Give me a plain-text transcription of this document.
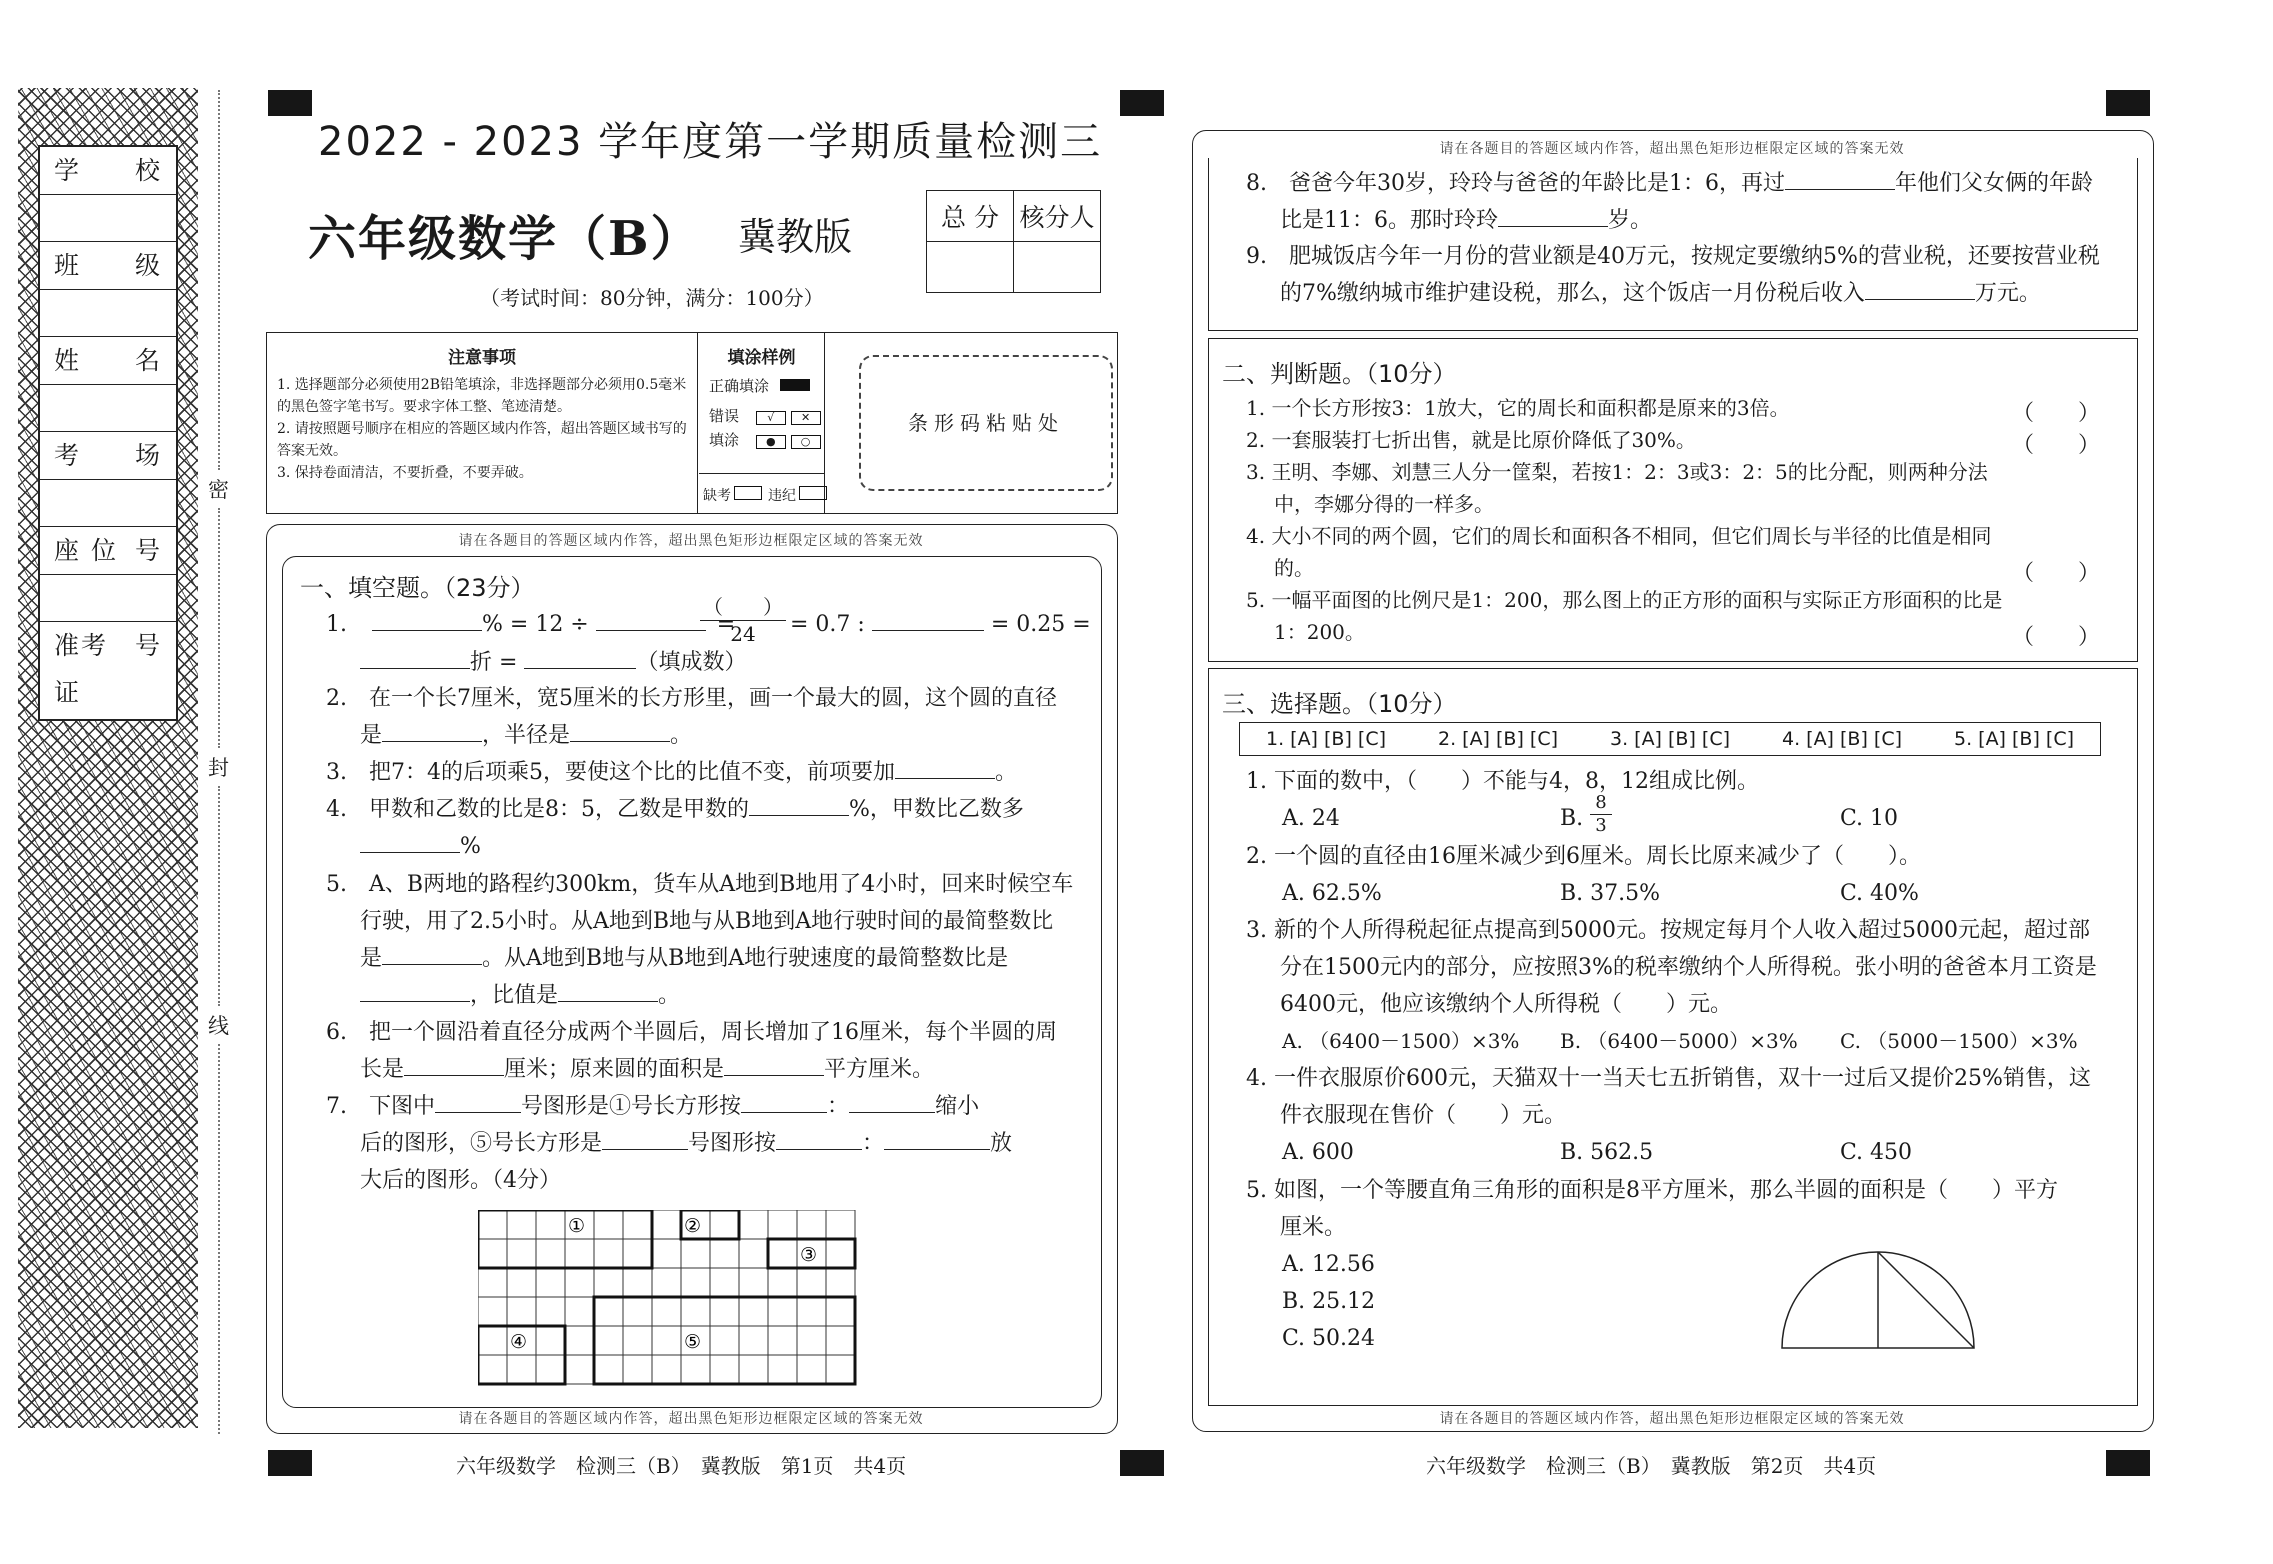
学 校
班 级
姓 名
考 场
座 位 号
准考证
号
密
封
线
2022 - 2023 学年度第一学期质量检测三
六年级数学（B） 冀教版
（考试时间：80分钟，满分：100分）
总 分	核分人

注意事项
1. 选择题部分必须使用2B铅笔填涂，非选择题部分必须用0.5毫米的黑色签字笔书写。要求字体工整、笔迹清楚。
2. 请按照题号顺序在相应的答题区域内作答，超出答题区域书写的答案无效。
3. 保持卷面清洁，不要折叠，不要弄破。
填涂样例
正确填涂
错误	√ ✕
填涂 ● ○
缺考	违纪
条形码粘贴处
请在各题目的答题区域内作答，超出黑色矩形边框限定区域的答案无效
请在各题目的答题区域内作答，超出黑色矩形边框限定区域的答案无效
一、填空题。（23分）
1.	% = 12 ÷	=
（　　）
24	= 0.7 :	= 0.25 =
折 =	（填成数）
2.　 在一个长7厘米，宽5厘米的长方形里，画一个最大的圆，这个圆的直径
是	，半径是	。
3.　 把7：4的后项乘5，要使这个比的比值不变，前项要加	。
4.　 甲数和乙数的比是8：5，乙数是甲数的	%，甲数比乙数多
%
5.　 A、B两地的路程约300km，货车从A地到B地用了4小时，回来时候空车
行驶，用了2.5小时。从A地到B地与从B地到A地行驶时间的最简整数比
是	。从A地到B地与从B地到A地行驶速度的最简整数比是
，比值是	。
6.　 把一个圆沿着直径分成两个半圆后，周长增加了16厘米，每个半圆的周
长是	厘米；原来圆的面积是	平方厘米。
7.　 下图中	号图形是①号长方形按	：	缩小
后的图形，⑤号长方形是	号图形按	：	放
大后的图形。（4分）
①	②
③
④	⑤
请在各题目的答题区域内作答，超出黑色矩形边框限定区域的答案无效
请在各题目的答题区域内作答，超出黑色矩形边框限定区域的答案无效
8.　 爸爸今年30岁，玲玲与爸爸的年龄比是1：6，再过	年他们父女俩的年龄
比是11：6。那时玲玲	岁。
9.　 肥城饭店今年一月份的营业额是40万元，按规定要缴纳5%的营业税，还要按营业税
的7%缴纳城市维护建设税，那么，这个饭店一月份税后收入	万元。
二、判断题。（10分）
1. 一个长方形按3：1放大，它的周长和面积都是原来的3倍。	（　　）
2. 一套服装打七折出售，就是比原价降低了30%。	（　　）
3. 王明、李娜、刘慧三人分一筐梨，若按1：2：3或3：2：5的比分配，则两种分法
中，李娜分得的一样多。
4. 大小不同的两个圆，它们的周长和面积各不相同，但它们周长与半径的比值是相同
的。	（　　）
5. 一幅平面图的比例尺是1：200，那么图上的正方形的面积与实际正方形面积的比是
1：200。	（　　）
三、选择题。（10分）
1. [A] [B] [C]	2. [A] [B] [C]	3. [A] [B] [C]	4. [A] [B] [C]	5. [A] [B] [C]
1. 下面的数中，（　　）不能与4，8，12组成比例。
A. 24	B.
8
3	C. 10
2. 一个圆的直径由16厘米减少到6厘米。周长比原来减少了（　　）。
A. 62.5%	B. 37.5%	C. 40%
3. 新的个人所得税起征点提高到5000元。按规定每月个人收入超过5000元起，超过部
分在1500元内的部分，应按照3%的税率缴纳个人所得税。张小明的爸爸本月工资是
6400元，他应该缴纳个人所得税（　　）元。
A. （6400－1500）×3% B. （6400－5000）×3% C. （5000－1500）×3%
4. 一件衣服原价600元，天猫双十一当天七五折销售，双十一过后又提价25%销售，这
件衣服现在售价（　　）元。
A. 600	B. 562.5	C. 450
5. 如图，一个等腰直角三角形的面积是8平方厘米，那么半圆的面积是（　　）平方
厘米。
A. 12.56
B. 25.12
C. 50.24
六年级数学　检测三（B）　冀教版　第1页　共4页	六年级数学　检测三（B）　冀教版　第2页　共4页
